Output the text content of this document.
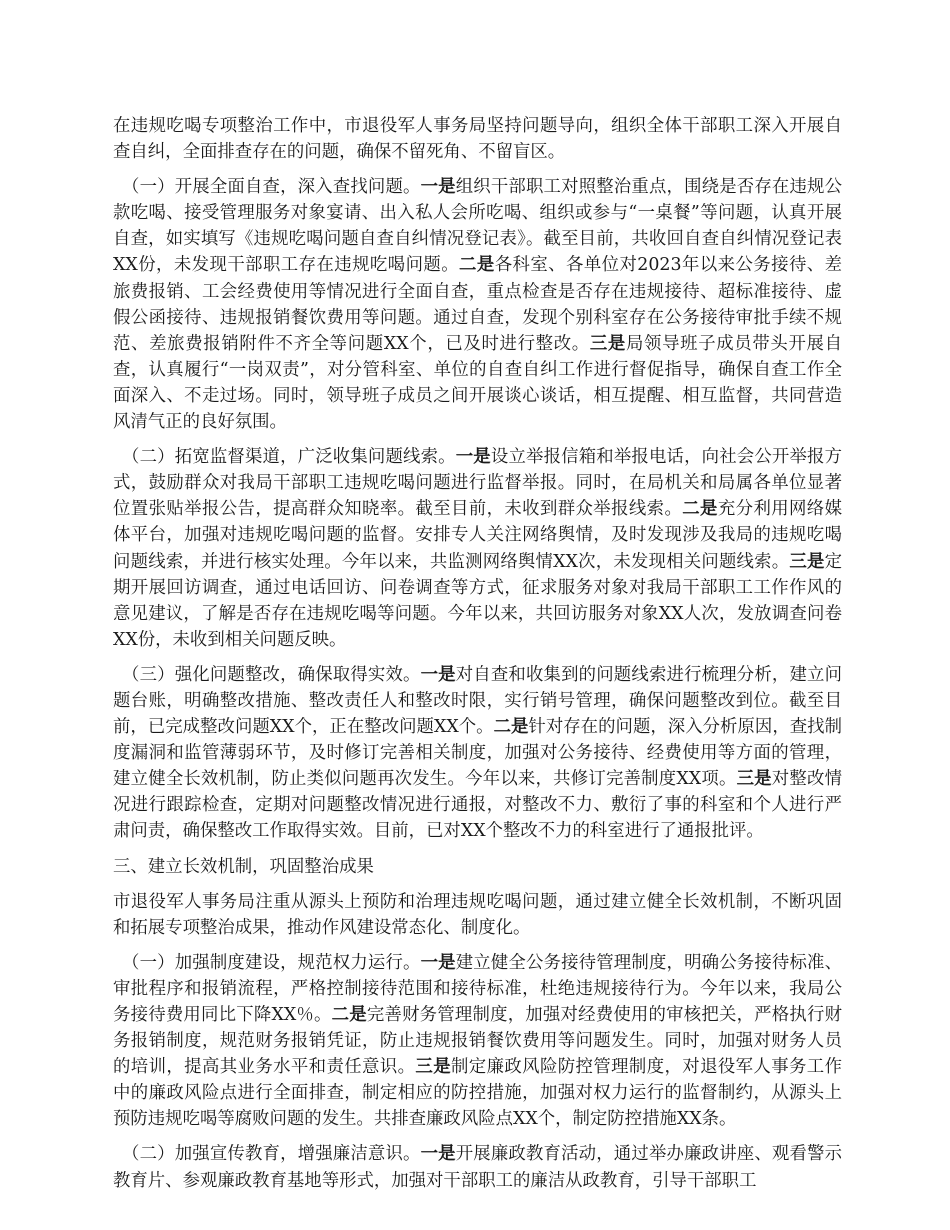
在违规吃喝专项整治工作中，市退役军人事务局坚持问题导向，组织全体干部职工深入开展自查自纠，全面排查存在的问题，确保不留死角、不留盲区。

（一）开展全面自查，深入查找问题。一是组织干部职工对照整治重点，围绕是否存在违规公款吃喝、接受管理服务对象宴请、出入私人会所吃喝、组织或参与“一桌餐”等问题，认真开展自查，如实填写《违规吃喝问题自查自纠情况登记表》。截至目前，共收回自查自纠情况登记表XX份，未发现干部职工存在违规吃喝问题。二是各科室、各单位对2023年以来公务接待、差旅费报销、工会经费使用等情况进行全面自查，重点检查是否存在违规接待、超标准接待、虚假公函接待、违规报销餐饮费用等问题。通过自查，发现个别科室存在公务接待审批手续不规范、差旅费报销附件不齐全等问题XX个，已及时进行整改。三是局领导班子成员带头开展自查，认真履行“一岗双责”，对分管科室、单位的自查自纠工作进行督促指导，确保自查工作全面深入、不走过场。同时，领导班子成员之间开展谈心谈话，相互提醒、相互监督，共同营造风清气正的良好氛围。

（二）拓宽监督渠道，广泛收集问题线索。一是设立举报信箱和举报电话，向社会公开举报方式，鼓励群众对我局干部职工违规吃喝问题进行监督举报。同时，在局机关和局属各单位显著位置张贴举报公告，提高群众知晓率。截至目前，未收到群众举报线索。二是充分利用网络媒体平台，加强对违规吃喝问题的监督。安排专人关注网络舆情，及时发现涉及我局的违规吃喝问题线索，并进行核实处理。今年以来，共监测网络舆情XX次，未发现相关问题线索。三是定期开展回访调查，通过电话回访、问卷调查等方式，征求服务对象对我局干部职工工作作风的意见建议，了解是否存在违规吃喝等问题。今年以来，共回访服务对象XX人次，发放调查问卷XX份，未收到相关问题反映。

（三）强化问题整改，确保取得实效。一是对自查和收集到的问题线索进行梳理分析，建立问题台账，明确整改措施、整改责任人和整改时限，实行销号管理，确保问题整改到位。截至目前，已完成整改问题XX个，正在整改问题XX个。二是针对存在的问题，深入分析原因，查找制度漏洞和监管薄弱环节，及时修订完善相关制度，加强对公务接待、经费使用等方面的管理，建立健全长效机制，防止类似问题再次发生。今年以来，共修订完善制度XX项。三是对整改情况进行跟踪检查，定期对问题整改情况进行通报，对整改不力、敷衍了事的科室和个人进行严肃问责，确保整改工作取得实效。目前，已对XX个整改不力的科室进行了通报批评。

三、建立长效机制，巩固整治成果

市退役军人事务局注重从源头上预防和治理违规吃喝问题，通过建立健全长效机制，不断巩固和拓展专项整治成果，推动作风建设常态化、制度化。

（一）加强制度建设，规范权力运行。一是建立健全公务接待管理制度，明确公务接待标准、审批程序和报销流程，严格控制接待范围和接待标准，杜绝违规接待行为。今年以来，我局公务接待费用同比下降XX％。二是完善财务管理制度，加强对经费使用的审核把关，严格执行财务报销制度，规范财务报销凭证，防止违规报销餐饮费用等问题发生。同时，加强对财务人员的培训，提高其业务水平和责任意识。三是制定廉政风险防控管理制度，对退役军人事务工作中的廉政风险点进行全面排查，制定相应的防控措施，加强对权力运行的监督制约，从源头上预防违规吃喝等腐败问题的发生。共排查廉政风险点XX个，制定防控措施XX条。

（二）加强宣传教育，增强廉洁意识。一是开展廉政教育活动，通过举办廉政讲座、观看警示教育片、参观廉政教育基地等形式，加强对干部职工的廉洁从政教育，引导干部职工
